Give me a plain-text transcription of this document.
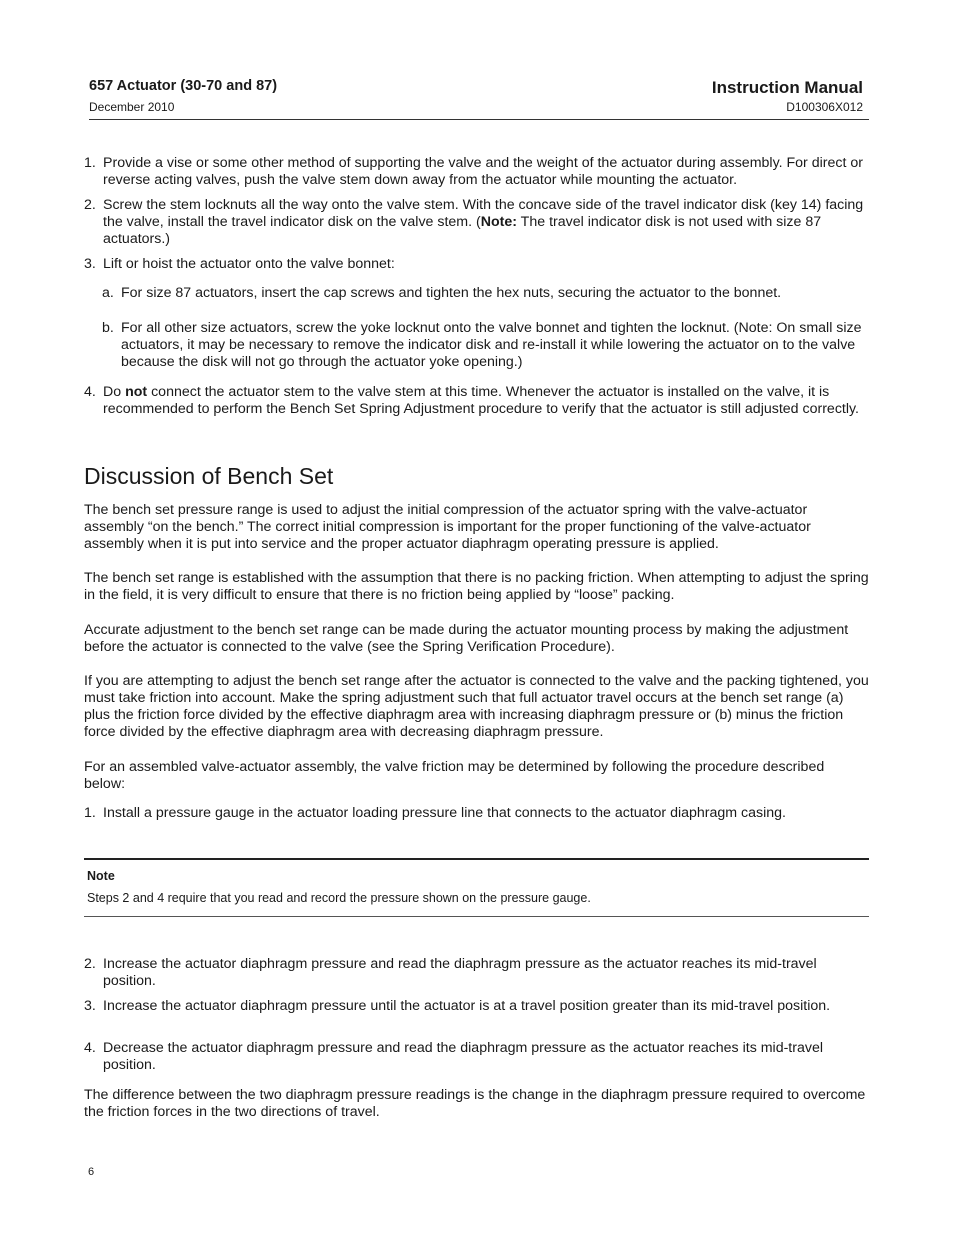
657 Actuator (30-70 and 87)
December 2010
Instruction Manual
D100306X012
1. Provide a vise or some other method of supporting the valve and the weight of the actuator during assembly. For direct or reverse acting valves, push the valve stem down away from the actuator while mounting the actuator.
2. Screw the stem locknuts all the way onto the valve stem. With the concave side of the travel indicator disk (key 14) facing the valve, install the travel indicator disk on the valve stem. (Note: The travel indicator disk is not used with size 87 actuators.)
3. Lift or hoist the actuator onto the valve bonnet:
a. For size 87 actuators, insert the cap screws and tighten the hex nuts, securing the actuator to the bonnet.
b. For all other size actuators, screw the yoke locknut onto the valve bonnet and tighten the locknut. (Note: On small size actuators, it may be necessary to remove the indicator disk and re-install it while lowering the actuator on to the valve because the disk will not go through the actuator yoke opening.)
4. Do not connect the actuator stem to the valve stem at this time. Whenever the actuator is installed on the valve, it is recommended to perform the Bench Set Spring Adjustment procedure to verify that the actuator is still adjusted correctly.
Discussion of Bench Set
The bench set pressure range is used to adjust the initial compression of the actuator spring with the valve-actuator assembly “on the bench.” The correct initial compression is important for the proper functioning of the valve-actuator assembly when it is put into service and the proper actuator diaphragm operating pressure is applied.
The bench set range is established with the assumption that there is no packing friction. When attempting to adjust the spring in the field, it is very difficult to ensure that there is no friction being applied by “loose” packing.
Accurate adjustment to the bench set range can be made during the actuator mounting process by making the adjustment before the actuator is connected to the valve (see the Spring Verification Procedure).
If you are attempting to adjust the bench set range after the actuator is connected to the valve and the packing tightened, you must take friction into account. Make the spring adjustment such that full actuator travel occurs at the bench set range (a) plus the friction force divided by the effective diaphragm area with increasing diaphragm pressure or (b) minus the friction force divided by the effective diaphragm area with decreasing diaphragm pressure.
For an assembled valve-actuator assembly, the valve friction may be determined by following the procedure described below:
1. Install a pressure gauge in the actuator loading pressure line that connects to the actuator diaphragm casing.
Note
Steps 2 and 4 require that you read and record the pressure shown on the pressure gauge.
2. Increase the actuator diaphragm pressure and read the diaphragm pressure as the actuator reaches its mid-travel position.
3. Increase the actuator diaphragm pressure until the actuator is at a travel position greater than its mid-travel position.
4. Decrease the actuator diaphragm pressure and read the diaphragm pressure as the actuator reaches its mid-travel position.
The difference between the two diaphragm pressure readings is the change in the diaphragm pressure required to overcome the friction forces in the two directions of travel.
6
